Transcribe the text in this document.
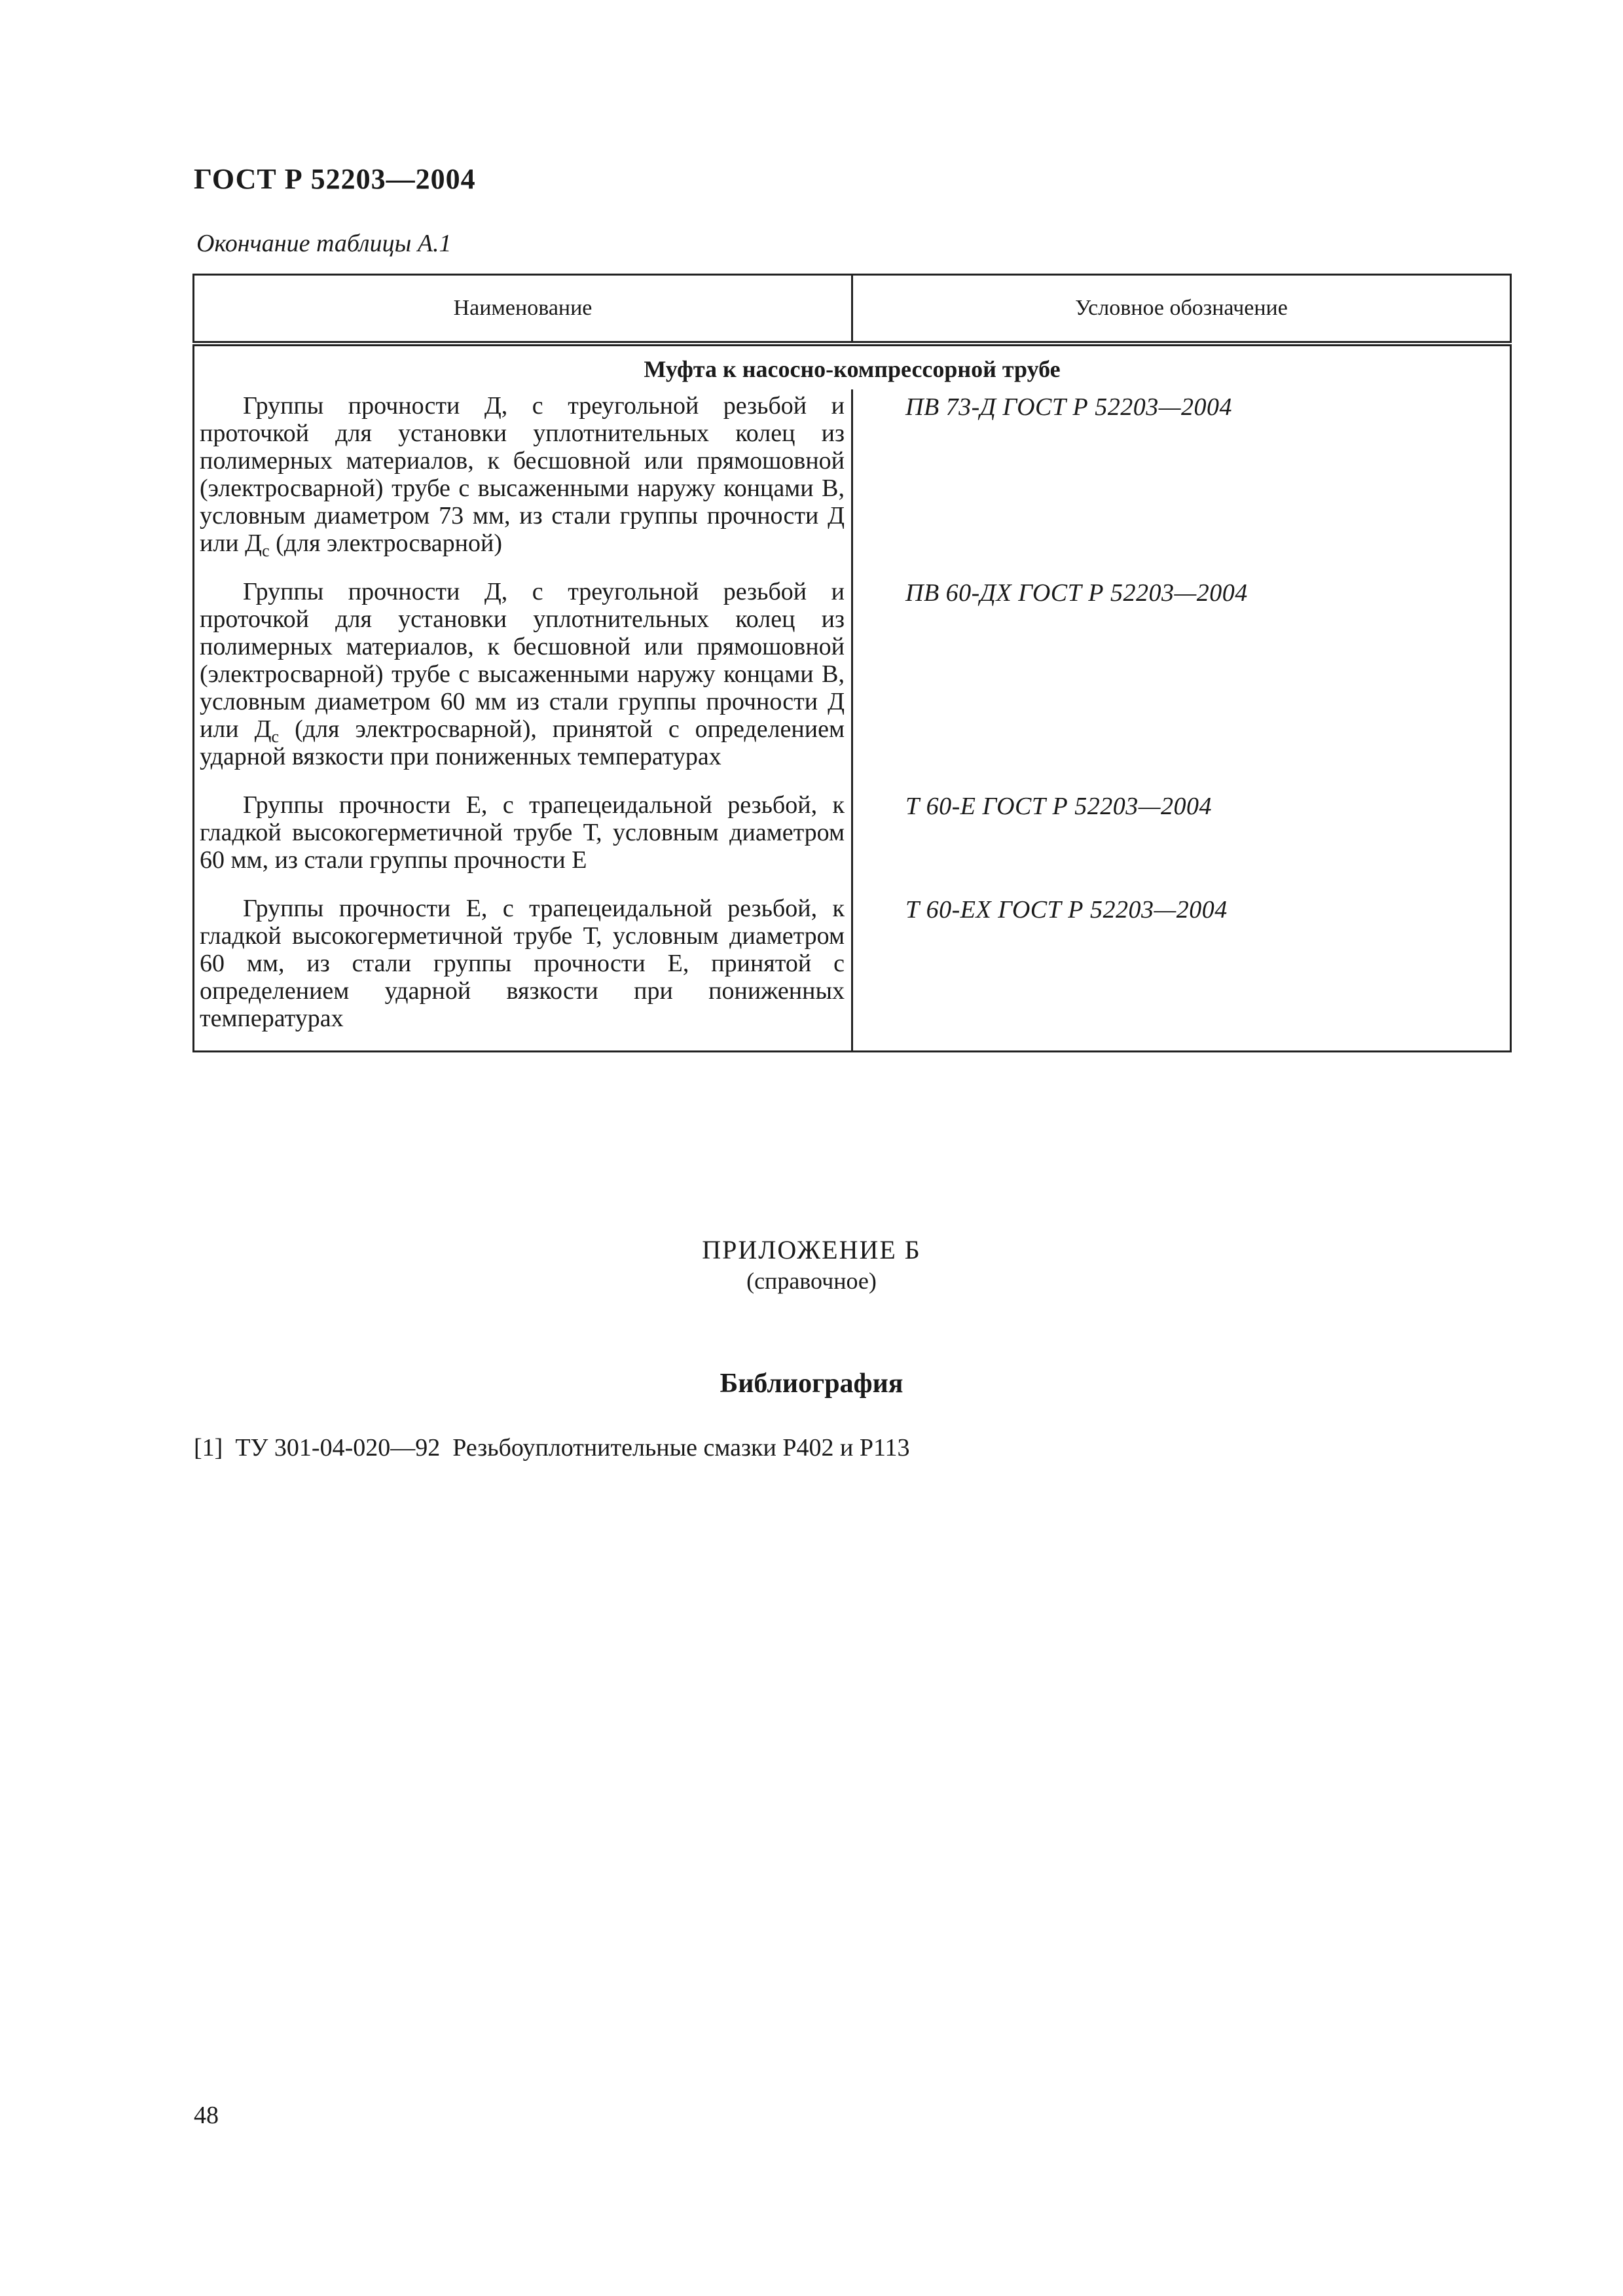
ГОСТ Р 52203—2004
Окончание таблицы А.1
Наименование	Условное обозначение
Муфта к насосно-компрессорной трубе	
Группы прочности Д, с треугольной резьбой и проточкой для установки уплотнительных колец из полимерных материалов, к бесшовной или прямошовной (электросварной) трубе с высаженными наружу концами В, условным диаметром 73 мм, из стали группы прочности Д или $Д_с$ (для электросварной)	ПВ 73-Д ГОСТ Р 52203—2004
Группы прочности Д, с треугольной резьбой и проточкой для установки уплотнительных колец из полимерных материалов, к бесшовной или прямошовной (электросварной) трубе с высаженными наружу концами В, условным диаметром 60 мм из стали группы прочности Д или $Д_с$ (для электросварной), принятой с определением ударной вязкости при пониженных температурах	ПВ 60-ДХ ГОСТ Р 52203—2004
Группы прочности Е, с трапецеидальной резьбой, к гладкой высокогерметичной трубе Т, условным диаметром 60 мм, из стали группы прочности Е	Т 60-Е ГОСТ Р 52203—2004
Группы прочности Е, с трапецеидальной резьбой, к гладкой высокогерметичной трубе Т, условным диаметром 60 мм, из стали группы прочности Е, принятой с определением ударной вязкости при пониженных температурах	Т 60-ЕХ ГОСТ Р 52203—2004
ПРИЛОЖЕНИЕ Б
(справочное)
Библиография
[1] ТУ 301-04-020—92 Резьбоуплотнительные смазки Р402 и Р113
48
